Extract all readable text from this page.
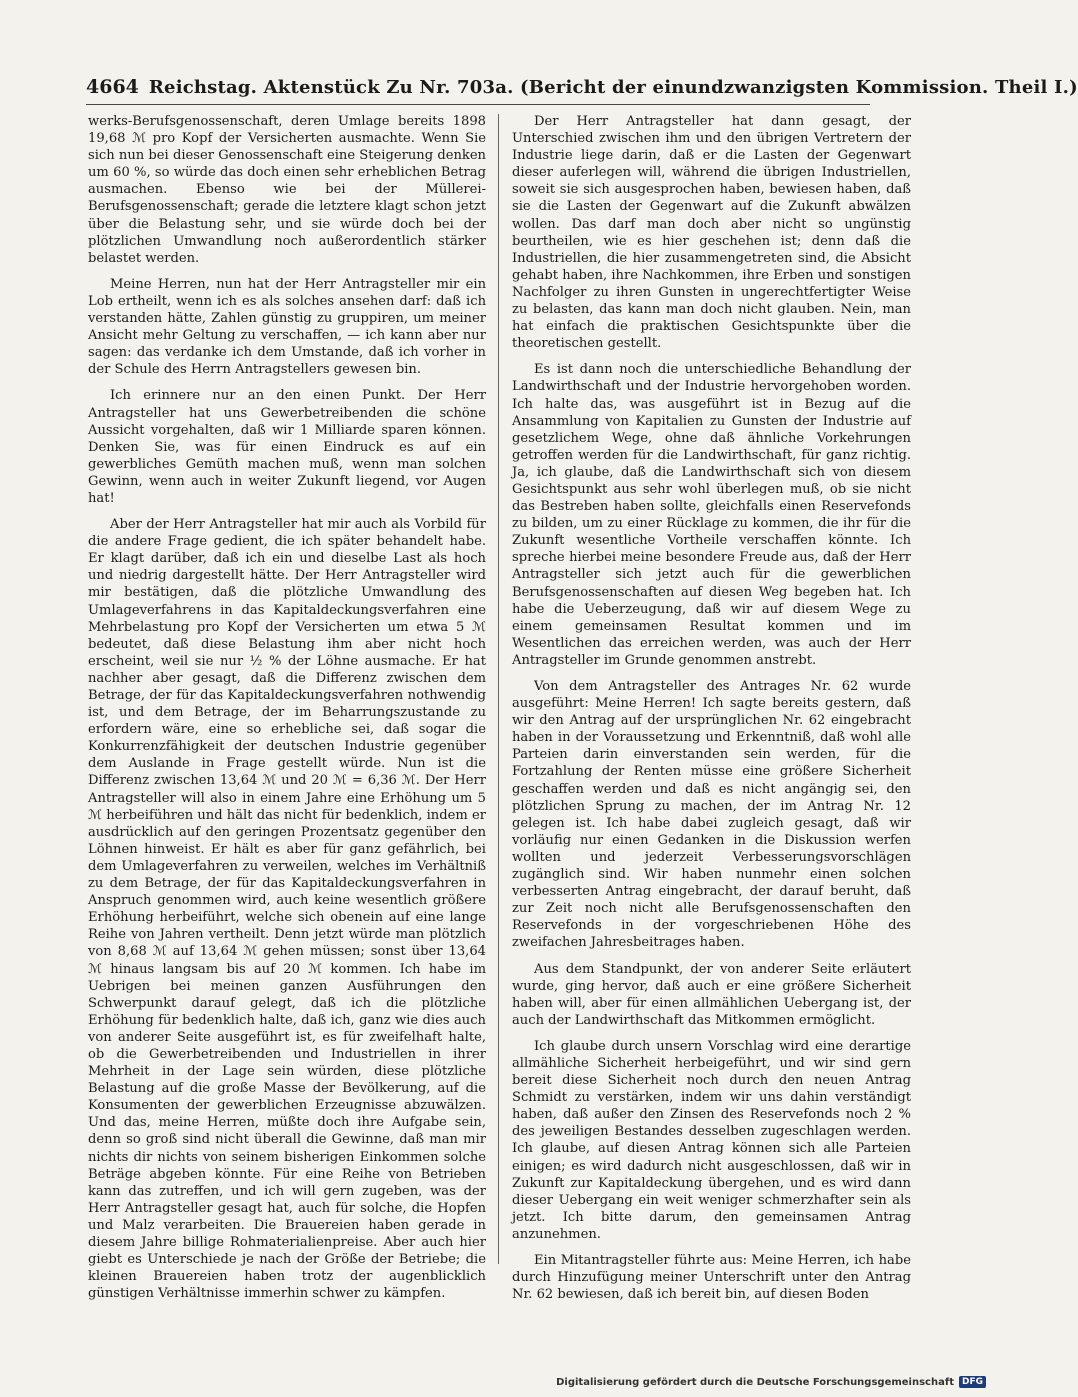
4664 Reichstag. Aktenstück Zu Nr. 703a. (Bericht der einundzwanzigsten Kommission. Theil I.)

werks-Berufsgenossenschaft, deren Umlage bereits 1898 19,68 ℳ pro Kopf der Versicherten ausmachte. Wenn Sie sich nun bei dieser Genossenschaft eine Steigerung denken um 60 %, so würde das doch einen sehr erheblichen Betrag ausmachen. Ebenso wie bei der Müllerei-Berufsgenossenschaft; gerade die letztere klagt schon jetzt über die Belastung sehr, und sie würde doch bei der plötzlichen Umwandlung noch außerordentlich stärker belastet werden.

Meine Herren, nun hat der Herr Antragsteller mir ein Lob ertheilt, wenn ich es als solches ansehen darf: daß ich verstanden hätte, Zahlen günstig zu gruppiren, um meiner Ansicht mehr Geltung zu verschaffen, — ich kann aber nur sagen: das verdanke ich dem Umstande, daß ich vorher in der Schule des Herrn Antragstellers gewesen bin.

Ich erinnere nur an den einen Punkt. Der Herr Antragsteller hat uns Gewerbetreibenden die schöne Aussicht vorgehalten, daß wir 1 Milliarde sparen können. Denken Sie, was für einen Eindruck es auf ein gewerbliches Gemüth machen muß, wenn man solchen Gewinn, wenn auch in weiter Zukunft liegend, vor Augen hat!

Aber der Herr Antragsteller hat mir auch als Vorbild für die andere Frage gedient, die ich später behandelt habe. Er klagt darüber, daß ich ein und dieselbe Last als hoch und niedrig dargestellt hätte. Der Herr Antragsteller wird mir bestätigen, daß die plötzliche Umwandlung des Umlageverfahrens in das Kapitaldeckungsverfahren eine Mehrbelastung pro Kopf der Versicherten um etwa 5 ℳ bedeutet, daß diese Belastung ihm aber nicht hoch erscheint, weil sie nur ½ % der Löhne ausmache. Er hat nachher aber gesagt, daß die Differenz zwischen dem Betrage, der für das Kapitaldeckungsverfahren nothwendig ist, und dem Betrage, der im Beharrungszustande zu erfordern wäre, eine so erhebliche sei, daß sogar die Konkurrenzfähigkeit der deutschen Industrie gegenüber dem Auslande in Frage gestellt würde. Nun ist die Differenz zwischen 13,64 ℳ und 20 ℳ = 6,36 ℳ. Der Herr Antragsteller will also in einem Jahre eine Erhöhung um 5 ℳ herbeiführen und hält das nicht für bedenklich, indem er ausdrücklich auf den geringen Prozentsatz gegenüber den Löhnen hinweist. Er hält es aber für ganz gefährlich, bei dem Umlageverfahren zu verweilen, welches im Verhältniß zu dem Betrage, der für das Kapitaldeckungsverfahren in Anspruch genommen wird, auch keine wesentlich größere Erhöhung herbeiführt, welche sich obenein auf eine lange Reihe von Jahren vertheilt. Denn jetzt würde man plötzlich von 8,68 ℳ auf 13,64 ℳ gehen müssen; sonst über 13,64 ℳ hinaus langsam bis auf 20 ℳ kommen. Ich habe im Uebrigen bei meinen ganzen Ausführungen den Schwerpunkt darauf gelegt, daß ich die plötzliche Erhöhung für bedenklich halte, daß ich, ganz wie dies auch von anderer Seite ausgeführt ist, es für zweifelhaft halte, ob die Gewerbetreibenden und Industriellen in ihrer Mehrheit in der Lage sein würden, diese plötzliche Belastung auf die große Masse der Bevölkerung, auf die Konsumenten der gewerblichen Erzeugnisse abzuwälzen. Und das, meine Herren, müßte doch ihre Aufgabe sein, denn so groß sind nicht überall die Gewinne, daß man mir nichts dir nichts von seinem bisherigen Einkommen solche Beträge abgeben könnte. Für eine Reihe von Betrieben kann das zutreffen, und ich will gern zugeben, was der Herr Antragsteller gesagt hat, auch für solche, die Hopfen und Malz verarbeiten. Die Brauereien haben gerade in diesem Jahre billige Rohmaterialienpreise. Aber auch hier giebt es Unterschiede je nach der Größe der Betriebe; die kleinen Brauereien haben trotz der augenblicklich günstigen Verhältnisse immerhin schwer zu kämpfen.

Der Herr Antragsteller hat dann gesagt, der Unterschied zwischen ihm und den übrigen Vertretern der Industrie liege darin, daß er die Lasten der Gegenwart dieser auferlegen will, während die übrigen Industriellen, soweit sie sich ausgesprochen haben, bewiesen haben, daß sie die Lasten der Gegenwart auf die Zukunft abwälzen wollen. Das darf man doch aber nicht so ungünstig beurtheilen, wie es hier geschehen ist; denn daß die Industriellen, die hier zusammengetreten sind, die Absicht gehabt haben, ihre Nachkommen, ihre Erben und sonstigen Nachfolger zu ihren Gunsten in ungerechtfertigter Weise zu belasten, das kann man doch nicht glauben. Nein, man hat einfach die praktischen Gesichtspunkte über die theoretischen gestellt.

Es ist dann noch die unterschiedliche Behandlung der Landwirthschaft und der Industrie hervorgehoben worden. Ich halte das, was ausgeführt ist in Bezug auf die Ansammlung von Kapitalien zu Gunsten der Industrie auf gesetzlichem Wege, ohne daß ähnliche Vorkehrungen getroffen werden für die Landwirthschaft, für ganz richtig. Ja, ich glaube, daß die Landwirthschaft sich von diesem Gesichtspunkt aus sehr wohl überlegen muß, ob sie nicht das Bestreben haben sollte, gleichfalls einen Reservefonds zu bilden, um zu einer Rücklage zu kommen, die ihr für die Zukunft wesentliche Vortheile verschaffen könnte. Ich spreche hierbei meine besondere Freude aus, daß der Herr Antragsteller sich jetzt auch für die gewerblichen Berufsgenossenschaften auf diesen Weg begeben hat. Ich habe die Ueberzeugung, daß wir auf diesem Wege zu einem gemeinsamen Resultat kommen und im Wesentlichen das erreichen werden, was auch der Herr Antragsteller im Grunde genommen anstrebt.

Von dem Antragsteller des Antrages Nr. 62 wurde ausgeführt: Meine Herren! Ich sagte bereits gestern, daß wir den Antrag auf der ursprünglichen Nr. 62 eingebracht haben in der Voraussetzung und Erkenntniß, daß wohl alle Parteien darin einverstanden sein werden, für die Fortzahlung der Renten müsse eine größere Sicherheit geschaffen werden und daß es nicht angängig sei, den plötzlichen Sprung zu machen, der im Antrag Nr. 12 gelegen ist. Ich habe dabei zugleich gesagt, daß wir vorläufig nur einen Gedanken in die Diskussion werfen wollten und jederzeit Verbesserungsvorschlägen zugänglich sind. Wir haben nunmehr einen solchen verbesserten Antrag eingebracht, der darauf beruht, daß zur Zeit noch nicht alle Berufsgenossenschaften den Reservefonds in der vorgeschriebenen Höhe des zweifachen Jahresbeitrages haben.

Aus dem Standpunkt, der von anderer Seite erläutert wurde, ging hervor, daß auch er eine größere Sicherheit haben will, aber für einen allmählichen Uebergang ist, der auch der Landwirthschaft das Mitkommen ermöglicht.

Ich glaube durch unsern Vorschlag wird eine derartige allmähliche Sicherheit herbeigeführt, und wir sind gern bereit diese Sicherheit noch durch den neuen Antrag Schmidt zu verstärken, indem wir uns dahin verständigt haben, daß außer den Zinsen des Reservefonds noch 2 % des jeweiligen Bestandes desselben zugeschlagen werden. Ich glaube, auf diesen Antrag können sich alle Parteien einigen; es wird dadurch nicht ausgeschlossen, daß wir in Zukunft zur Kapitaldeckung übergehen, und es wird dann dieser Uebergang ein weit weniger schmerzhafter sein als jetzt. Ich bitte darum, den gemeinsamen Antrag anzunehmen.

Ein Mitantragsteller führte aus: Meine Herren, ich habe durch Hinzufügung meiner Unterschrift unter den Antrag Nr. 62 bewiesen, daß ich bereit bin, auf diesen Boden

Digitalisierung gefördert durch die Deutsche Forschungsgemeinschaft DFG
